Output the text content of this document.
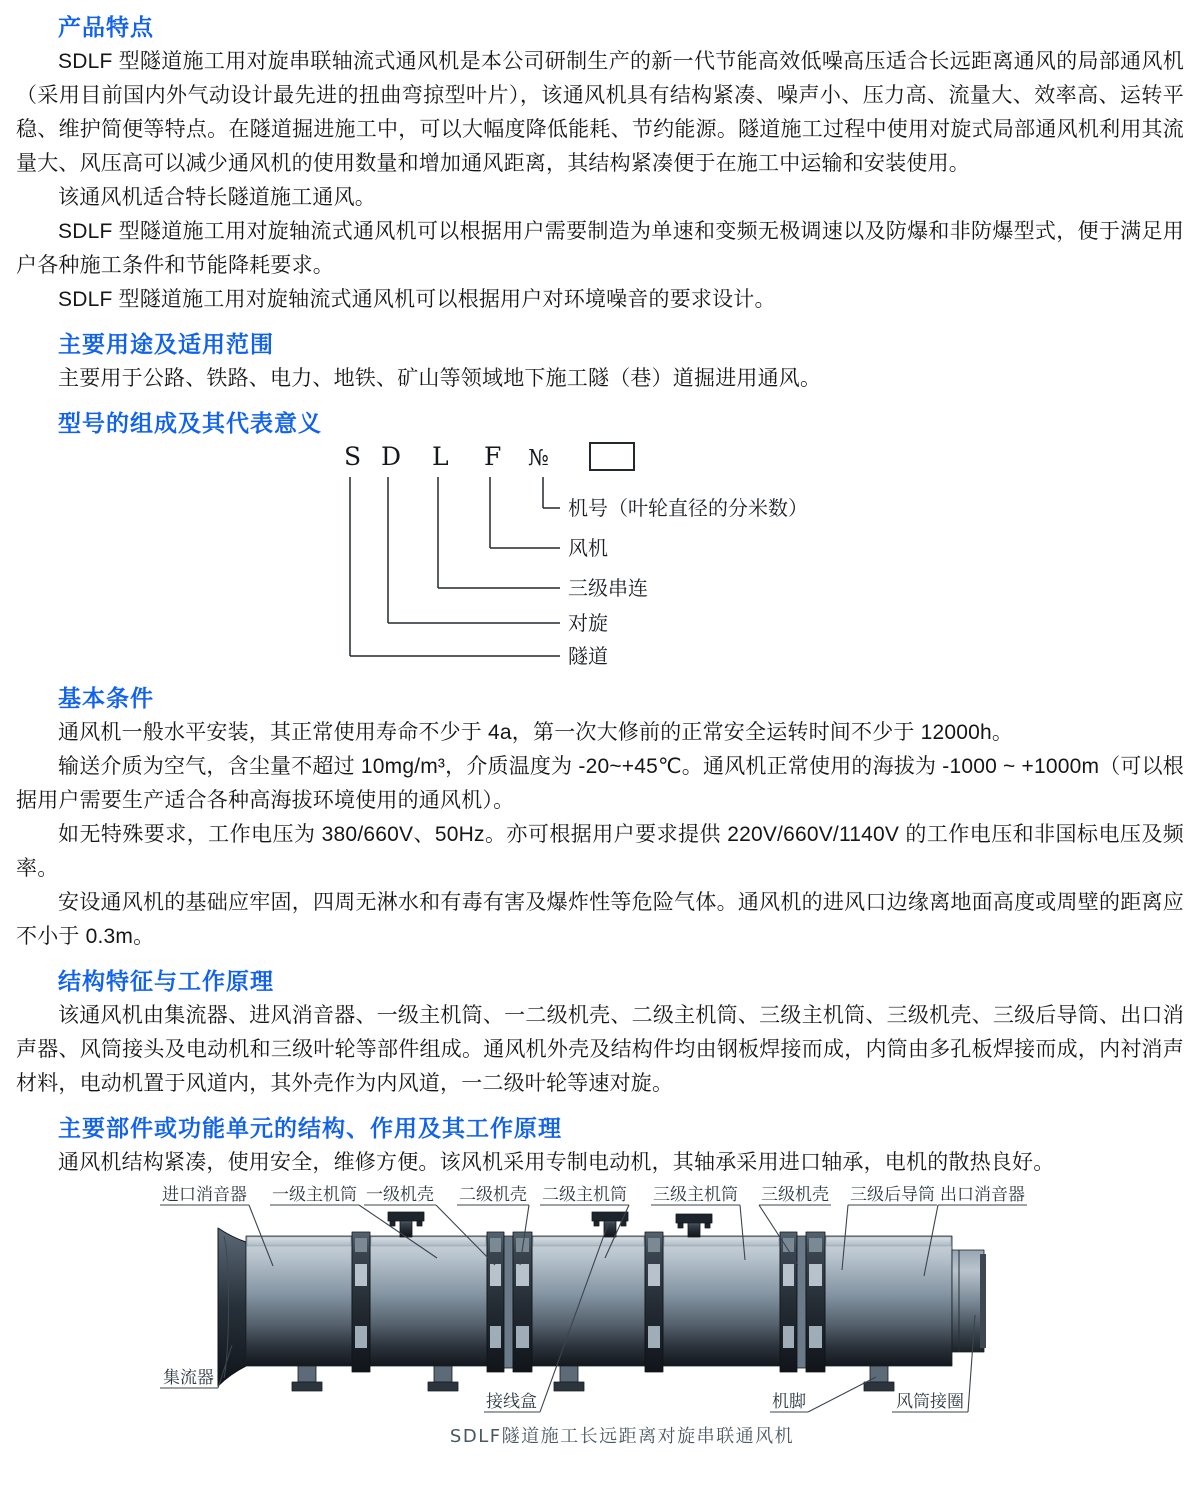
产品特点

SDLF 型隧道施工用对旋串联轴流式通风机是本公司研制生产的新一代节能高效低噪高压适合长远距离通风的局部通风机（采用目前国内外气动设计最先进的扭曲弯掠型叶片），该通风机具有结构紧凑、噪声小、压力高、流量大、效率高、运转平稳、维护简便等特点。在隧道掘进施工中，可以大幅度降低能耗、节约能源。隧道施工过程中使用对旋式局部通风机利用其流量大、风压高可以减少通风机的使用数量和增加通风距离，其结构紧凑便于在施工中运输和安装使用。

该通风机适合特长隧道施工通风。

SDLF 型隧道施工用对旋轴流式通风机可以根据用户需要制造为单速和变频无极调速以及防爆和非防爆型式，便于满足用户各种施工条件和节能降耗要求。

SDLF 型隧道施工用对旋轴流式通风机可以根据用户对环境噪音的要求设计。

主要用途及适用范围

主要用于公路、铁路、电力、地铁、矿山等领域地下施工隧（巷）道掘进用通风。

型号的组成及其代表意义
S D L F №
机号（叶轮直径的分米数）
风机
三级串连
对旋
隧道
基本条件

通风机一般水平安装，其正常使用寿命不少于 4a，第一次大修前的正常安全运转时间不少于 12000h。

输送介质为空气，含尘量不超过 10mg/m³，介质温度为 -20~+45℃。通风机正常使用的海拔为 -1000 ~ +1000m（可以根据用户需要生产适合各种高海拔环境使用的通风机）。

如无特殊要求，工作电压为 380/660V、50Hz。亦可根据用户要求提供 220V/660V/1140V 的工作电压和非国标电压及频率。

安设通风机的基础应牢固，四周无淋水和有毒有害及爆炸性等危险气体。通风机的进风口边缘离地面高度或周壁的距离应不小于 0.3m。

结构特征与工作原理

该通风机由集流器、进风消音器、一级主机筒、一二级机壳、二级主机筒、三级主机筒、三级机壳、三级后导筒、出口消声器、风筒接头及电动机和三级叶轮等部件组成。通风机外壳及结构件均由钢板焊接而成，内筒由多孔板焊接而成，内衬消声材料，电动机置于风道内，其外壳作为内风道，一二级叶轮等速对旋。

主要部件或功能单元的结构、作用及其工作原理

通风机结构紧凑，使用安全，维修方便。该风机采用专制电动机，其轴承采用进口轴承，电机的散热良好。

进口消音器 一级主机筒 一级机壳 二级机壳 二级主机筒 三级主机筒 三级机壳 三级后导筒 出口消音器
集流器
接线盒	机脚	风筒接圈
SDLF隧道施工长远距离对旋串联通风机
